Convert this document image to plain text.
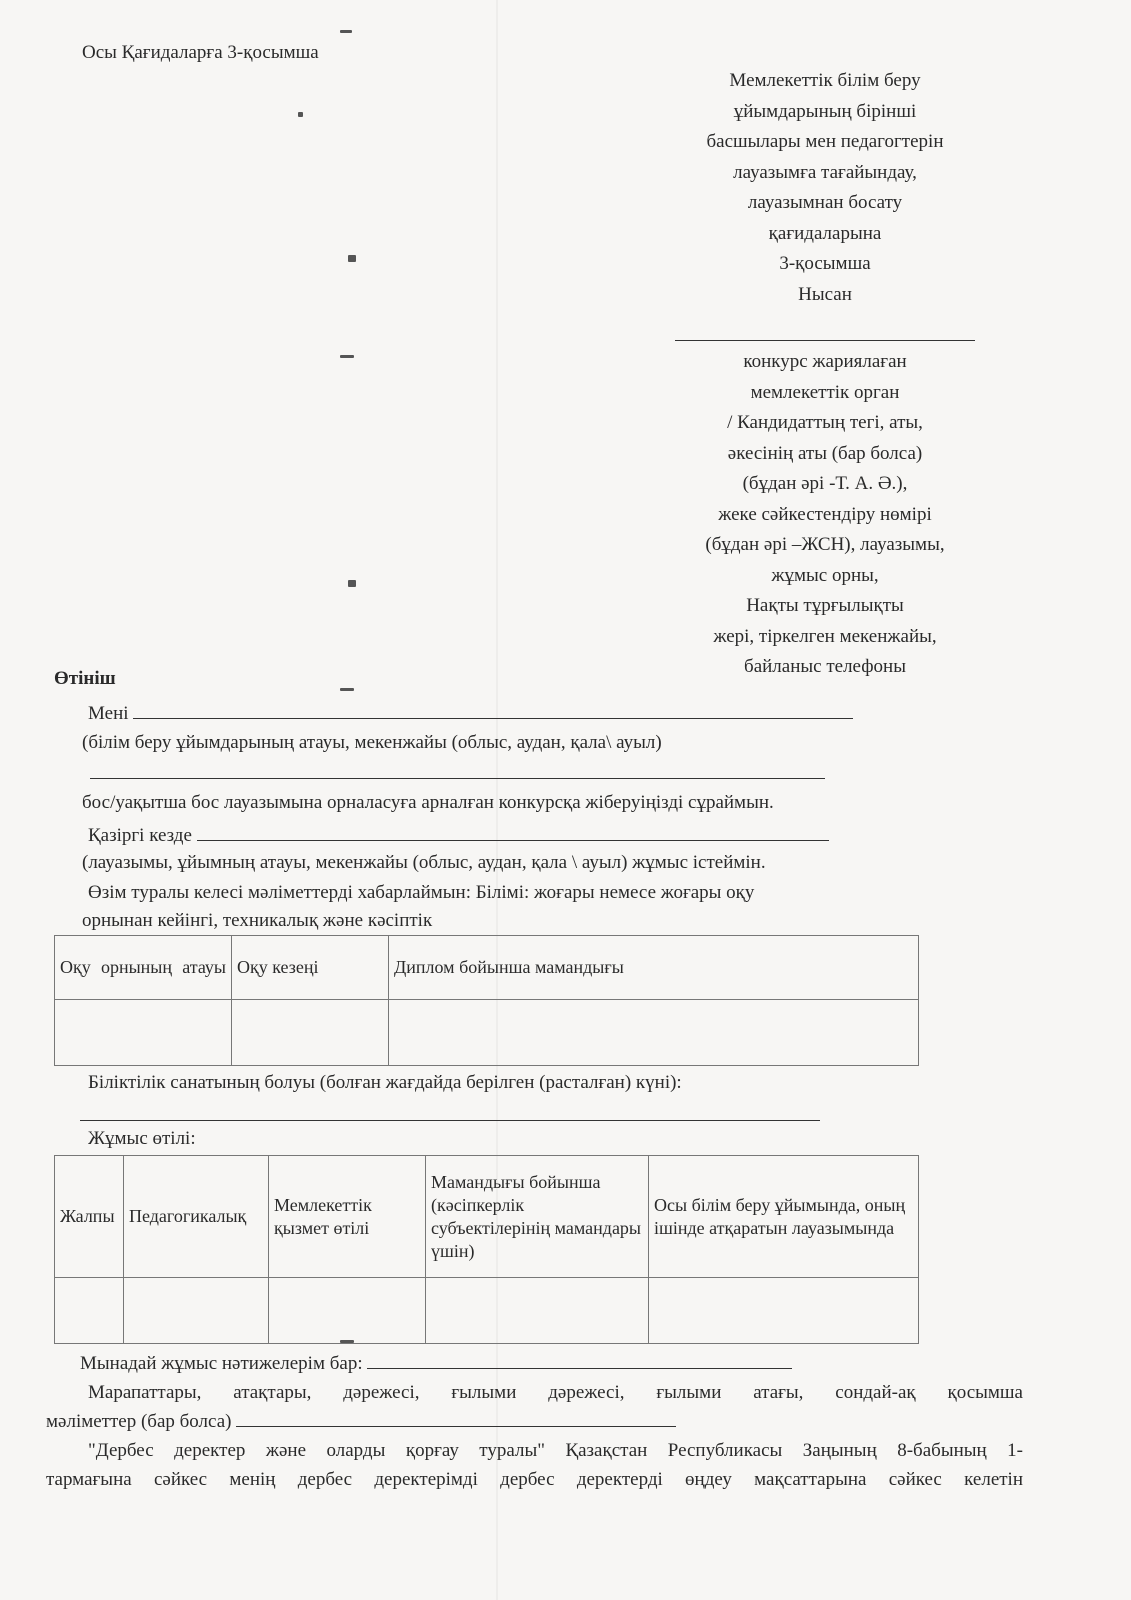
Осы Қағидаларға 3-қосымша
Мемлекеттік білім беру
ұйымдарының бірінші
басшылары мен педагогтерін
лауазымға тағайындау,
лауазымнан босату
қағидаларына
3-қосымша
Нысан
конкурс жариялаған
мемлекеттік орган
/ Кандидаттың тегі, аты,
әкесінің аты (бар болса)
(бұдан әрі -Т. А. Ә.),
жеке сәйкестендіру нөмірі
(бұдан әрі –ЖСН), лауазымы,
жұмыс орны,
Нақты тұрғылықты
жері, тіркелген мекенжайы,
байланыс телефоны
Өтініш
Мені
(білім беру ұйымдарының атауы, мекенжайы (облыс, аудан, қала\ ауыл)
бос/уақытша бос лауазымына орналасуға арналған конкурсқа жіберуіңізді сұраймын.
Қазіргі кезде
(лауазымы, ұйымның атауы, мекенжайы (облыс, аудан, қала \ ауыл) жұмыс істеймін.
Өзім туралы келесі мәліметтерді хабарлаймын: Білімі: жоғары немесе жоғары оқу
орнынан кейінгі, техникалық және кәсіптік
Оқу орнының атауы	Оқу кезеңі	Диплом бойынша мамандығы

Біліктілік санатының болуы (болған жағдайда берілген (расталған) күні):
Жұмыс өтілі:
Жалпы	Педагогикалық	Мемлекеттік қызмет өтілі	Мамандығы бойынша (кәсіпкерлік субъектілерінің мамандары үшін)	Осы білім беру ұйымында, оның ішінде атқаратын лауазымында

Мынадай жұмыс нәтижелерім бар:
Марапаттары, атақтары, дәрежесі, ғылыми дәрежесі, ғылыми атағы, сондай-ақ қосымша
мәліметтер (бар болса)
"Дербес деректер және оларды қорғау туралы" Қазақстан Республикасы Заңының 8-бабының 1-
тармағына сәйкес менің дербес деректерімді дербес деректерді өңдеу мақсаттарына сәйкес келетін
